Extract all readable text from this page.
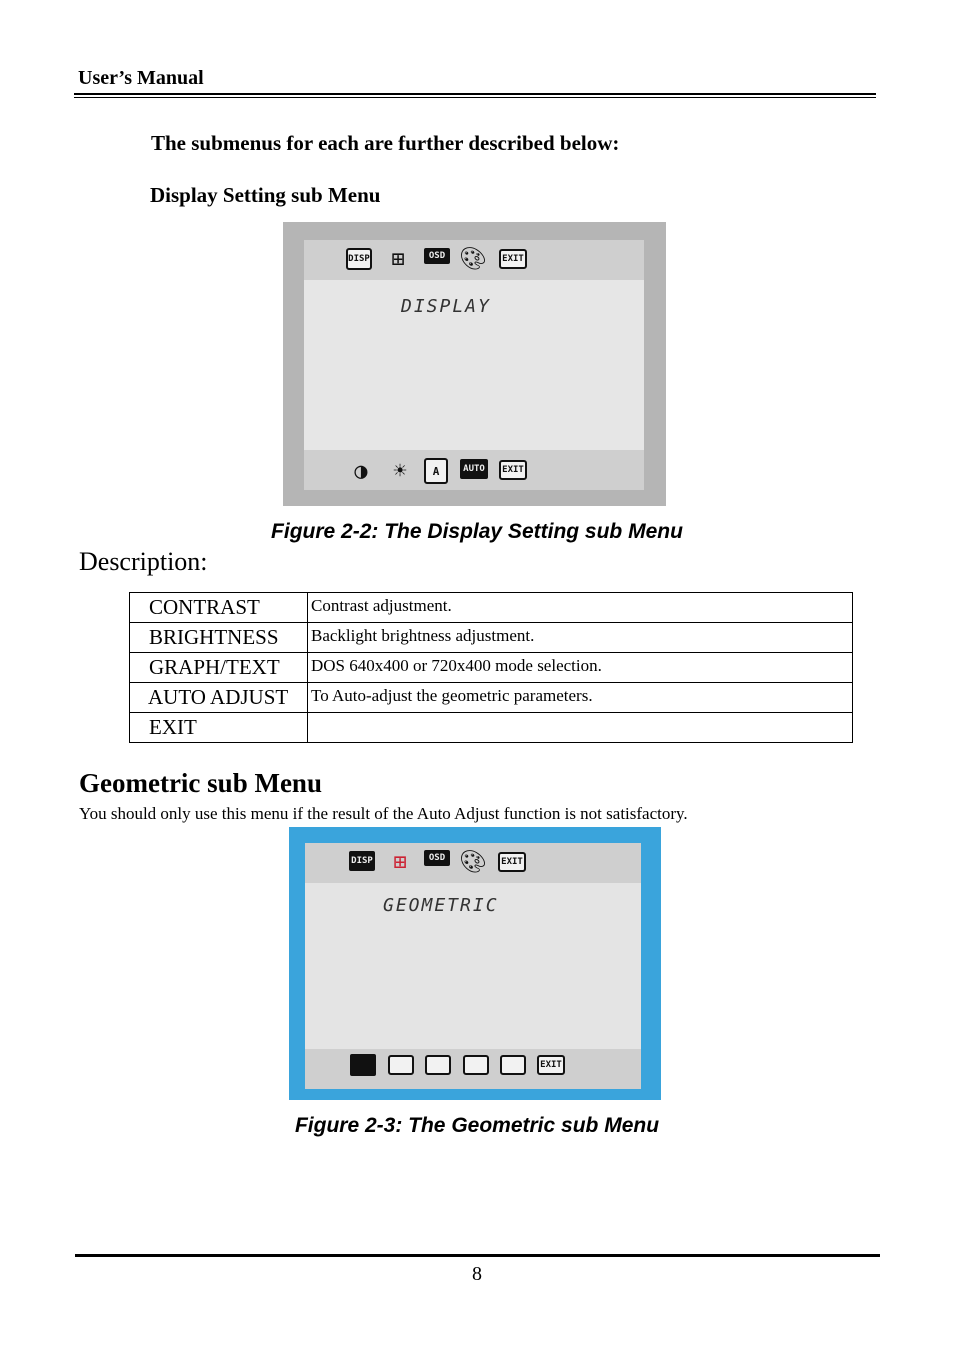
User’s Manual
The submenus for each are further described below:
Display Setting sub Menu
DISP ⊞	OSD 🎨︎	EXIT
DISPLAY
◑	☀︎	A	AUTO	EXIT
Figure 2-2: The Display Setting sub Menu
Description:
CONTRAST	Contrast adjustment.
BRIGHTNESS	Backlight brightness adjustment.
GRAPH/TEXT	DOS 640x400 or 720x400 mode selection.
AUTO ADJUST	To Auto-adjust the geometric parameters.
EXIT	
Geometric sub Menu
You should only use this menu if the result of the Auto Adjust function is not satisfactory.
DISP ⊞	OSD 🎨︎	EXIT
GEOMETRIC
EXIT
Figure 2-3: The Geometric sub Menu
8
